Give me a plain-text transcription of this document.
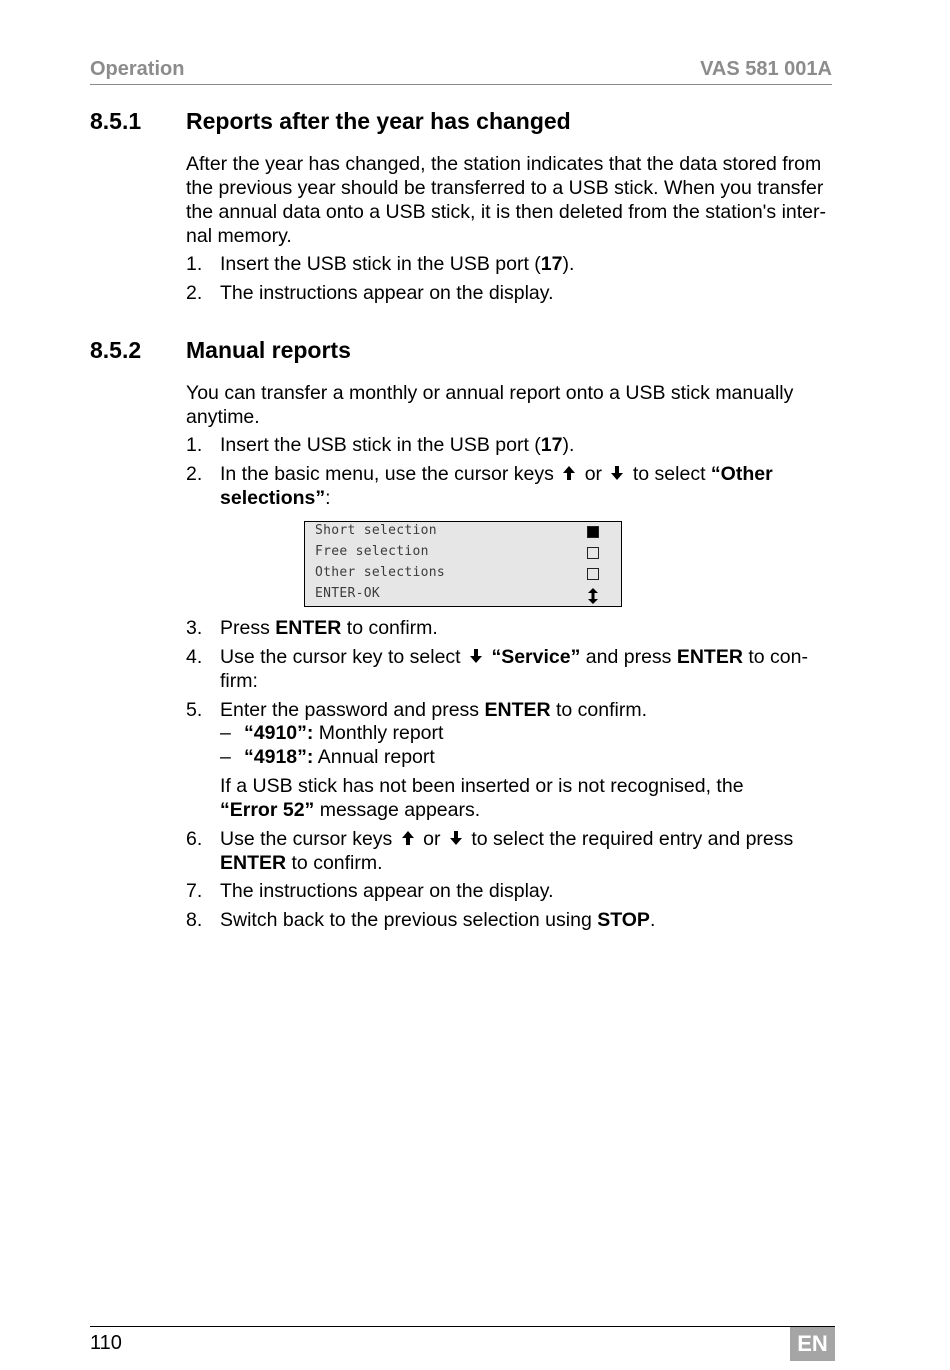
Operation	VAS 581 001A
8.5.1 Reports after the year has changed
After the year has changed, the station indicates that the data stored from
the previous year should be transferred to a USB stick. When you transfer
the annual data onto a USB stick, it is then deleted from the station's inter-
nal memory.
1. Insert the USB stick in the USB port (17).
2. The instructions appear on the display.
8.5.2 Manual reports
You can transfer a monthly or annual report onto a USB stick manually
anytime.
1. Insert the USB stick in the USB port (17).
2. In the basic menu, use the cursor keys or to select “Other
selections”:
Short selection
Free selection
Other selections
ENTER-OK
3. Press ENTER to confirm.
4. Use the cursor key to select “Service” and press ENTER to con-
firm:
5. Enter the password and press ENTER to confirm.
– “4910”: Monthly report
– “4918”: Annual report
If a USB stick has not been inserted or is not recognised, the
“Error 52” message appears.
6. Use the cursor keys or to select the required entry and press
ENTER to confirm.
7. The instructions appear on the display.
8. Switch back to the previous selection using STOP.
110	EN
